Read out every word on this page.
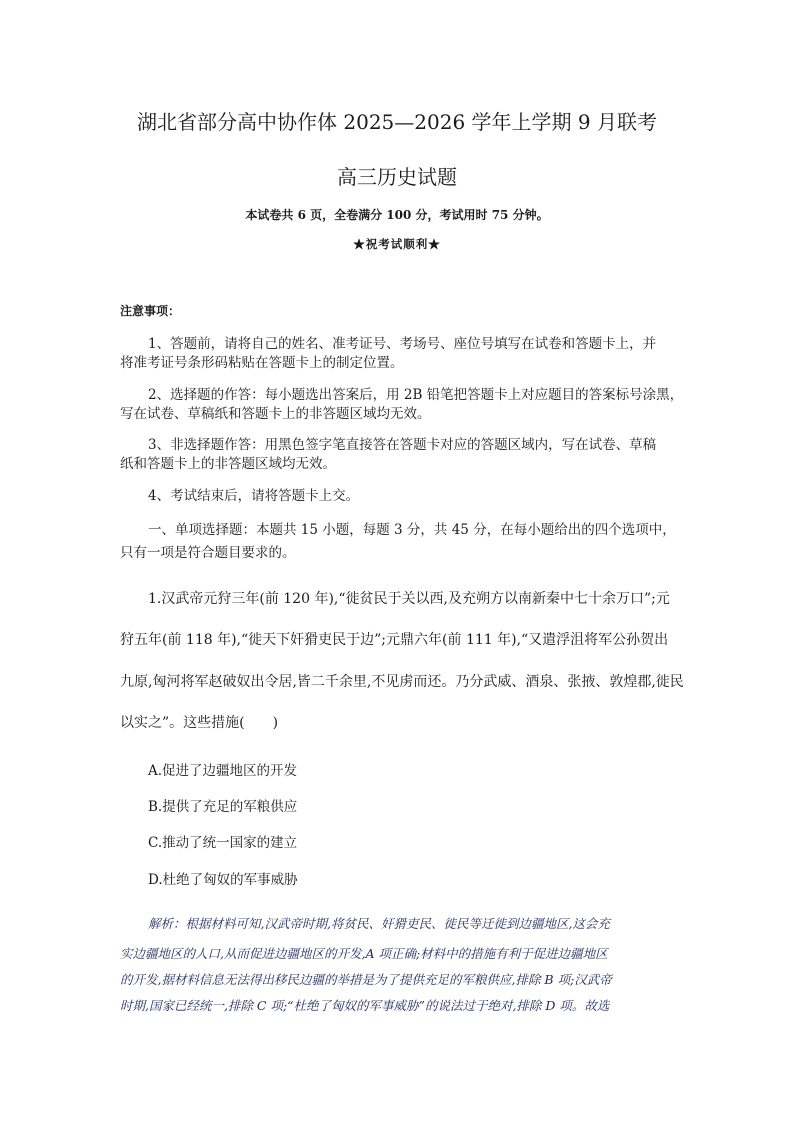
湖北省部分高中协作体 2025—2026 学年上学期 9 月联考
高三历史试题
本试卷共 6 页，全卷满分 100 分，考试用时 75 分钟。
★祝考试顺利★
注意事项：
1、答题前，请将自己的姓名、准考证号、考场号、座位号填写在试卷和答题卡上，并
将准考证号条形码粘贴在答题卡上的制定位置。
2、选择题的作答：每小题选出答案后，用 2B 铅笔把答题卡上对应题目的答案标号涂黑，
写在试卷、草稿纸和答题卡上的非答题区域均无效。
3、非选择题作答：用黑色签字笔直接答在答题卡对应的答题区域内，写在试卷、草稿
纸和答题卡上的非答题区域均无效。
4、考试结束后，请将答题卡上交。
一、单项选择题：本题共 15 小题，每题 3 分，共 45 分，在每小题给出的四个选项中，
只有一项是符合题目要求的。
1.汉武帝元狩三年(前 120 年),“徙贫民于关以西,及充朔方以南新秦中七十余万口”;元
狩五年(前 118 年),“徙天下奸猾吏民于边”;元鼎六年(前 111 年),“又遣浮沮将军公孙贺出
九原,匈河将军赵破奴出令居,皆二千余里,不见虏而还。乃分武威、酒泉、张掖、敦煌郡,徙民
以实之”。这些措施(　　)
A.促进了边疆地区的开发
B.提供了充足的军粮供应
C.推动了统一国家的建立
D.杜绝了匈奴的军事威胁
解析：根据材料可知,汉武帝时期,将贫民、奸猾吏民、徙民等迁徙到边疆地区,这会充
实边疆地区的人口,从而促进边疆地区的开发,A 项正确;材料中的措施有利于促进边疆地区
的开发,据材料信息无法得出移民边疆的举措是为了提供充足的军粮供应,排除 B 项;汉武帝
时期,国家已经统一,排除 C 项;“杜绝了匈奴的军事威胁”的说法过于绝对,排除 D 项。故选
